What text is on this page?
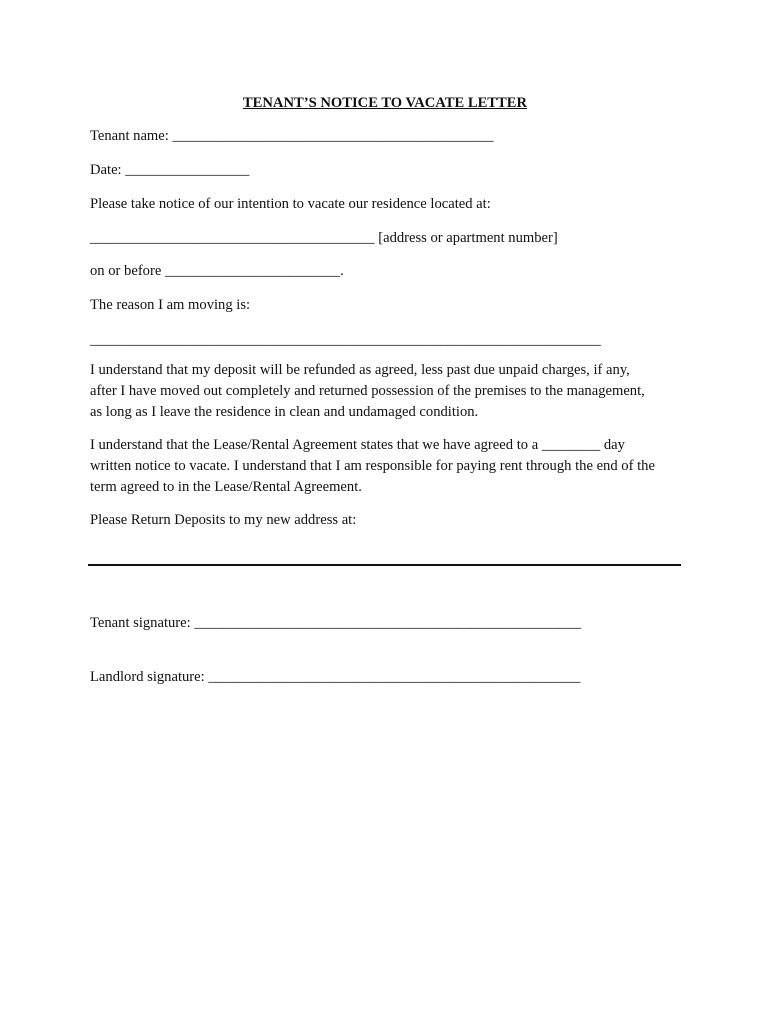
TENANT’S NOTICE TO VACATE LETTER
Tenant name: ____________________________________________
Date: _________________
Please take notice of our intention to vacate our residence located at:
_______________________________________ [address or apartment number]
on or before ________________________.
The reason I am moving is:
______________________________________________________________________
I understand that my deposit will be refunded as agreed, less past due unpaid charges, if any,
after I have moved out completely and returned possession of the premises to the management,
as long as I leave the residence in clean and undamaged condition.
I understand that the Lease/Rental Agreement states that we have agreed to a ________ day
written notice to vacate. I understand that I am responsible for paying rent through the end of the
term agreed to in the Lease/Rental Agreement.
Please Return Deposits to my new address at:
Tenant signature: _____________________________________________________
Landlord signature: ___________________________________________________
